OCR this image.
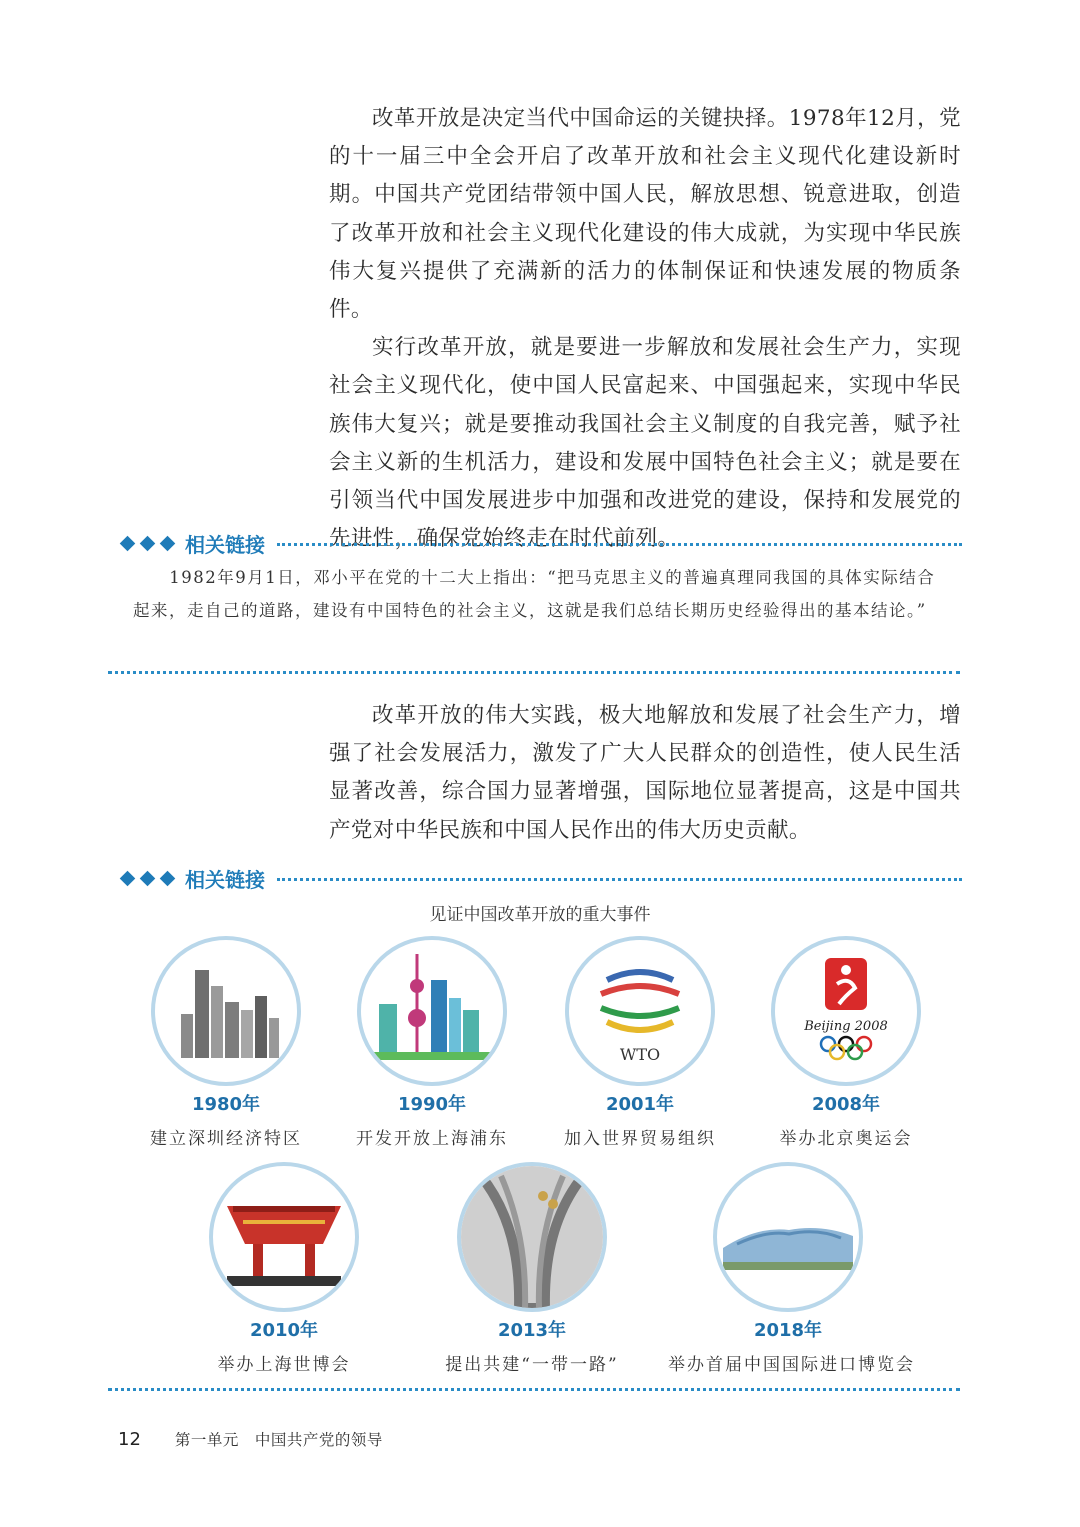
改革开放是决定当代中国命运的关键抉择。1978年12月，党的十一届三中全会开启了改革开放和社会主义现代化建设新时期。中国共产党团结带领中国人民，解放思想、锐意进取，创造了改革开放和社会主义现代化建设的伟大成就，为实现中华民族伟大复兴提供了充满新的活力的体制保证和快速发展的物质条件。

实行改革开放，就是要进一步解放和发展社会生产力，实现社会主义现代化，使中国人民富起来、中国强起来，实现中华民族伟大复兴；就是要推动我国社会主义制度的自我完善，赋予社会主义新的生机活力，建设和发展中国特色社会主义；就是要在引领当代中国发展进步中加强和改进党的建设，保持和发展党的先进性，确保党始终走在时代前列。

相关链接

1982年9月1日，邓小平在党的十二大上指出：“把马克思主义的普遍真理同我国的具体实际结合起来，走自己的道路，建设有中国特色的社会主义，这就是我们总结长期历史经验得出的基本结论。”

改革开放的伟大实践，极大地解放和发展了社会生产力，增强了社会发展活力，激发了广大人民群众的创造性，使人民生活显著改善，综合国力显著增强，国际地位显著提高，这是中国共产党对中华民族和中国人民作出的伟大历史贡献。

相关链接
见证中国改革开放的重大事件
1980年
建立深圳经济特区
1990年
开发开放上海浦东
WTO
2001年
加入世界贸易组织
Beijing 2008
2008年
举办北京奥运会
2010年
举办上海世博会
2013年
提出共建“一带一路”
2018年
举办首届中国国际进口博览会
12 第一单元　中国共产党的领导
